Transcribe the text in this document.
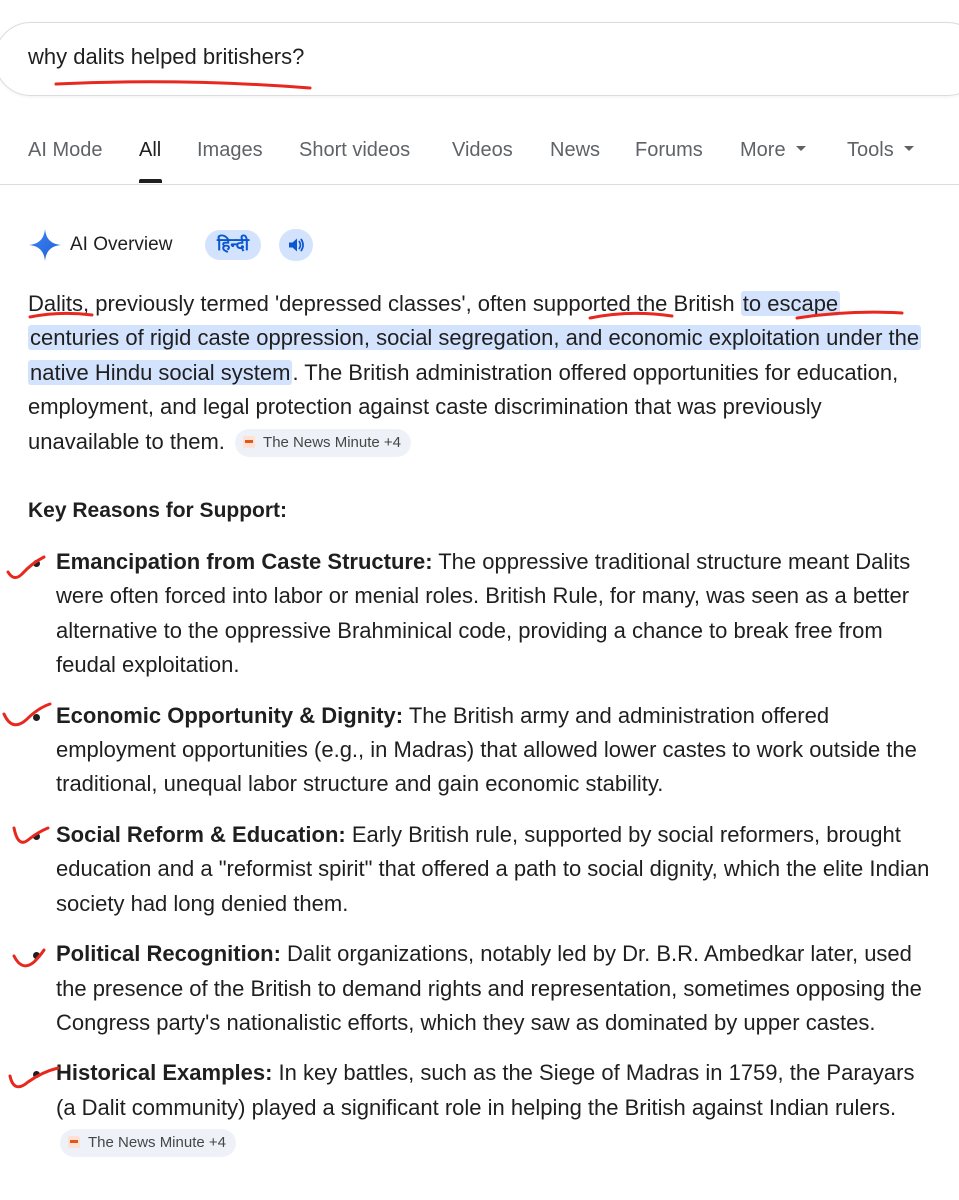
why dalits helped britishers?
AI Mode All Images Short videos Videos News Forums More	Tools
AI Overview	हिन्दी

Dalits, previously termed 'depressed classes', often supported the British to escape centuries of rigid caste oppression, social segregation, and economic exploitation under the native Hindu social system. The British administration offered opportunities for education, employment, and legal protection against caste discrimination that was previously unavailable to them.	The News Minute +4

Key Reasons for Support:
Emancipation from Caste Structure: The oppressive traditional structure meant Dalits were often forced into labor or menial roles. British Rule, for many, was seen as a better alternative to the oppressive Brahminical code, providing a chance to break free from feudal exploitation.
Economic Opportunity & Dignity: The British army and administration offered employment opportunities (e.g., in Madras) that allowed lower castes to work outside the traditional, unequal labor structure and gain economic stability.
Social Reform & Education: Early British rule, supported by social reformers, brought education and a "reformist spirit" that offered a path to social dignity, which the elite Indian society had long denied them.
Political Recognition: Dalit organizations, notably led by Dr. B.R. Ambedkar later, used the presence of the British to demand rights and representation, sometimes opposing the Congress party's nationalistic efforts, which they saw as dominated by upper castes.
Historical Examples: In key battles, such as the Siege of Madras in 1759, the Parayars (a Dalit community) played a significant role in helping the British against Indian rulers. The News Minute +4
